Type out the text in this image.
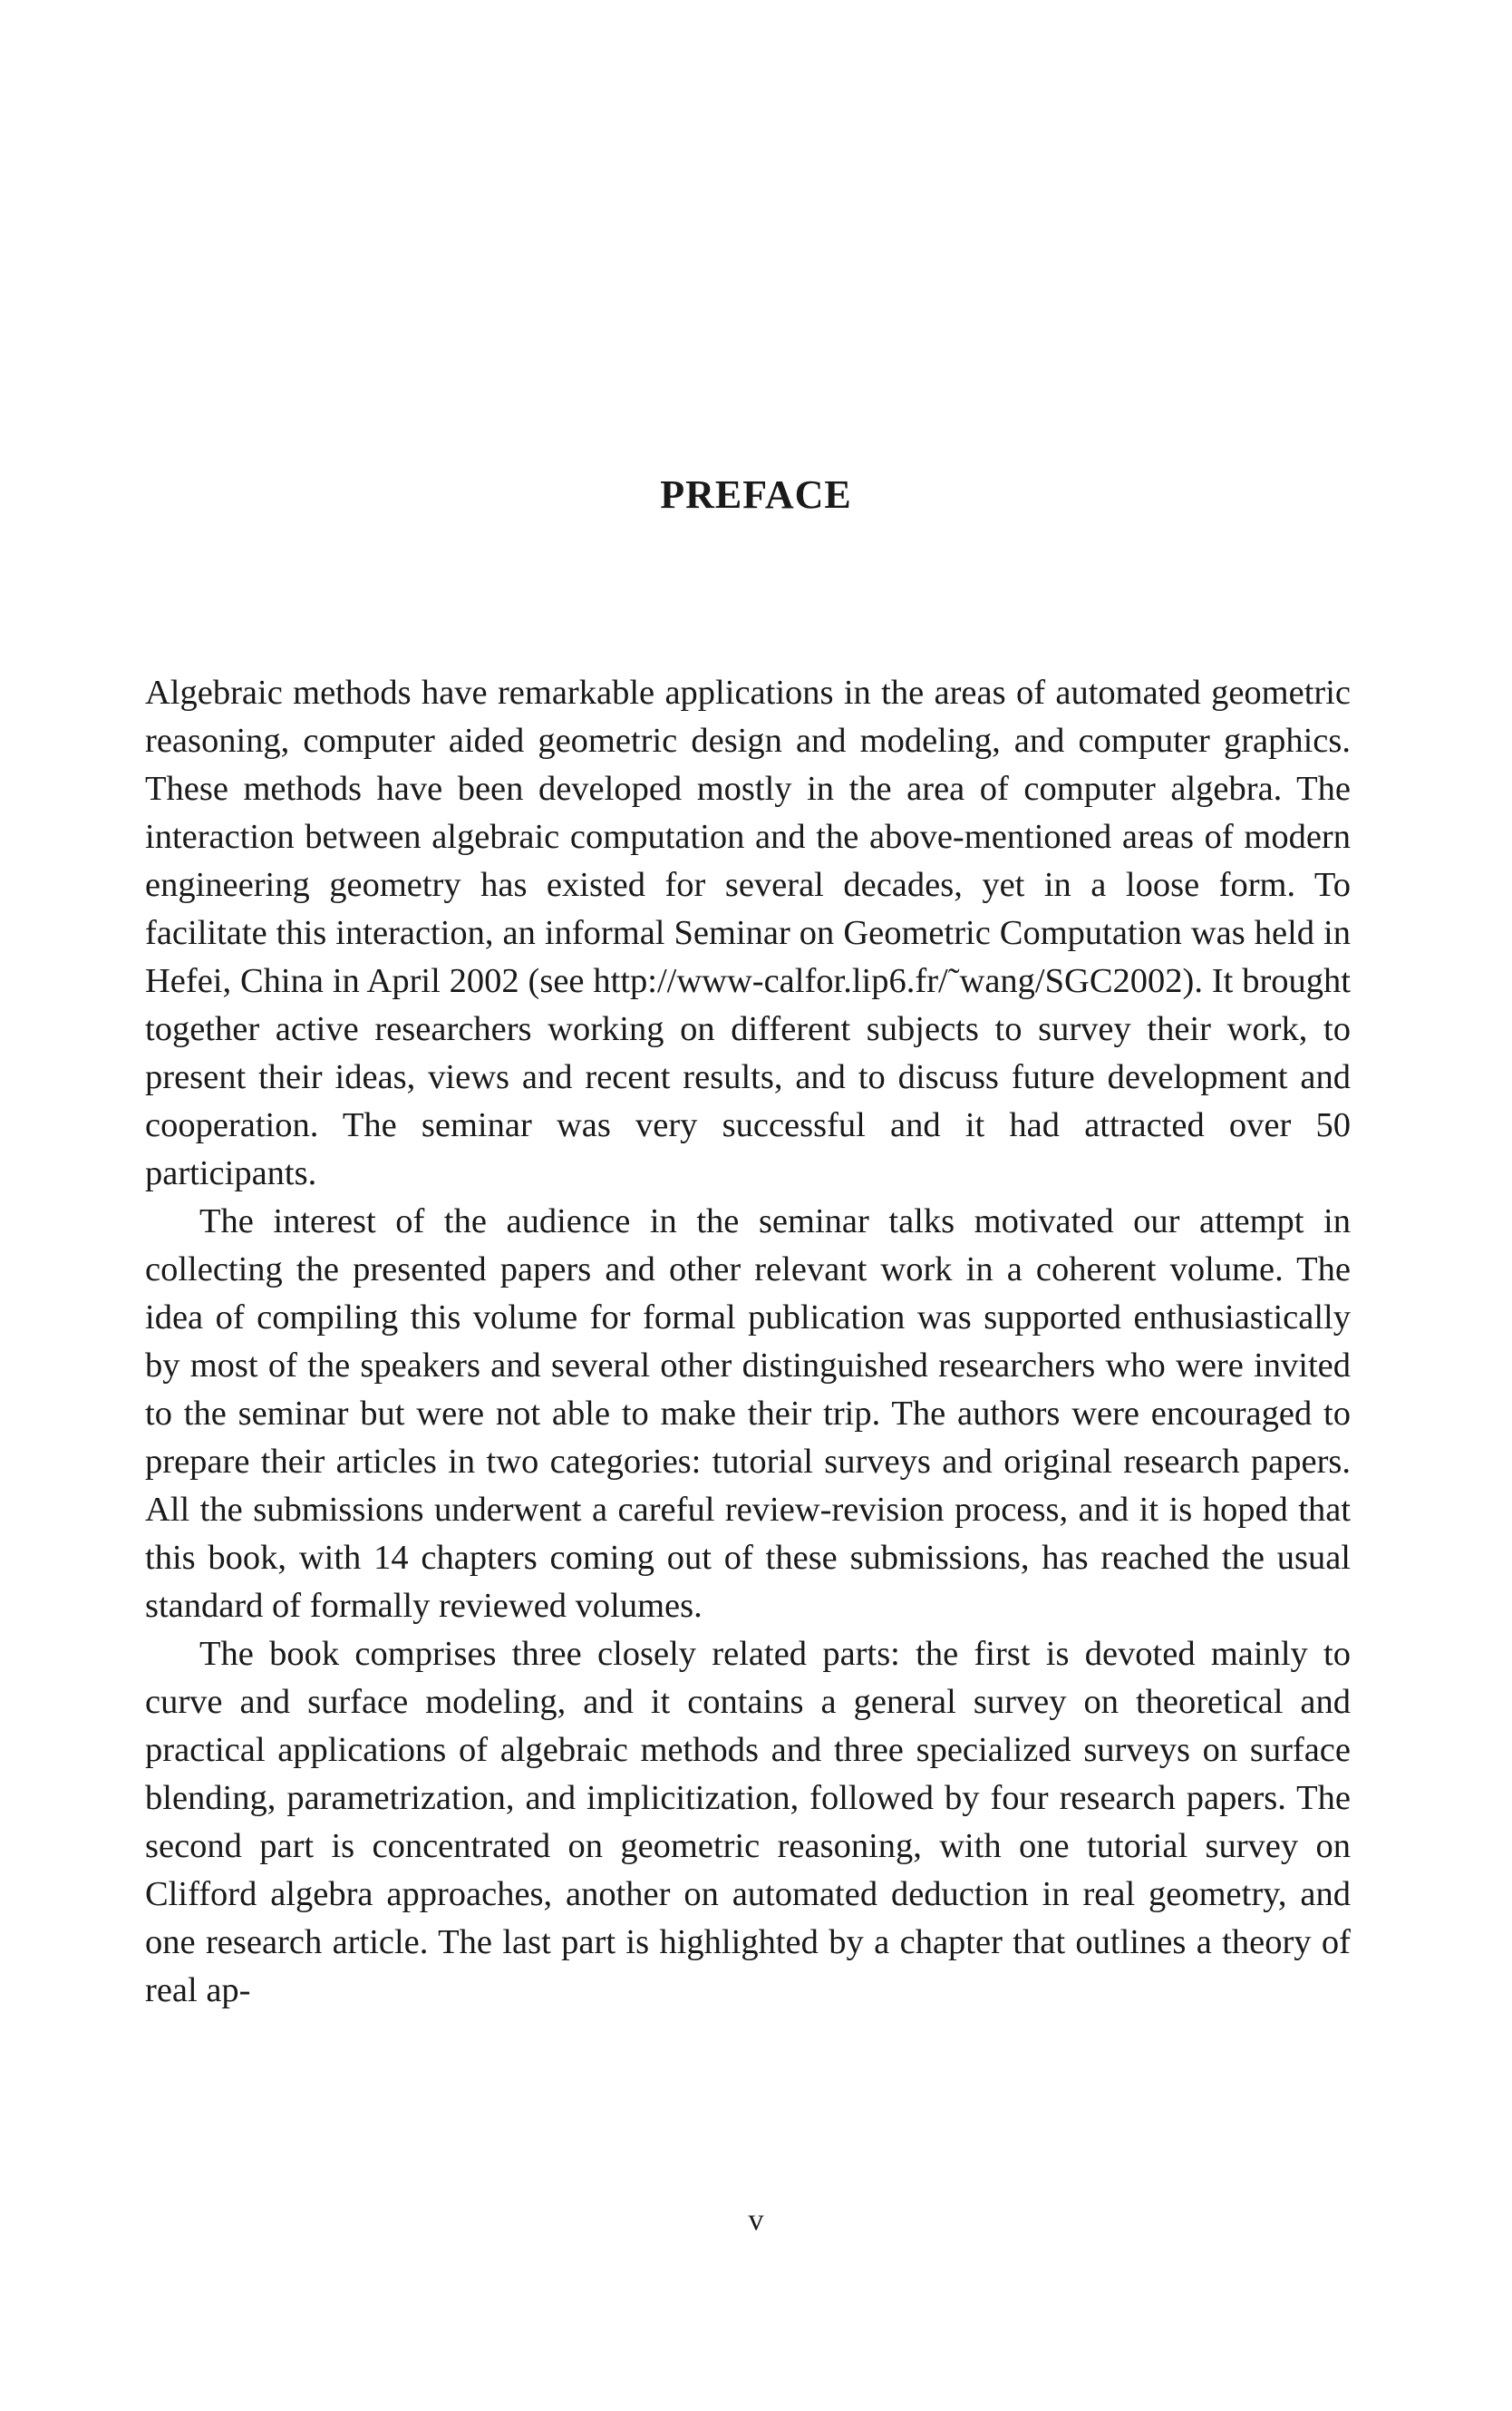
PREFACE

Algebraic methods have remarkable applications in the areas of automated geometric reasoning, computer aided geometric design and modeling, and computer graphics. These methods have been developed mostly in the area of computer algebra. The interaction between algebraic computation and the above-mentioned areas of modern engineering geometry has existed for several decades, yet in a loose form. To facilitate this interaction, an informal Seminar on Geometric Computation was held in Hefei, China in April 2002 (see http://www-calfor.lip6.fr/˜wang/SGC2002). It brought together active researchers working on different subjects to survey their work, to present their ideas, views and recent results, and to discuss future development and cooperation. The seminar was very successful and it had attracted over 50 participants.

The interest of the audience in the seminar talks motivated our attempt in collecting the presented papers and other relevant work in a coherent volume. The idea of compiling this volume for formal publication was supported enthusiastically by most of the speakers and several other distinguished researchers who were invited to the seminar but were not able to make their trip. The authors were encouraged to prepare their articles in two categories: tutorial surveys and original research papers. All the submissions underwent a careful review-revision process, and it is hoped that this book, with 14 chapters coming out of these submissions, has reached the usual standard of formally reviewed volumes.

The book comprises three closely related parts: the first is devoted mainly to curve and surface modeling, and it contains a general survey on theoretical and practical applications of algebraic methods and three specialized surveys on surface blending, parametrization, and implicitization, followed by four research papers. The second part is concentrated on geometric reasoning, with one tutorial survey on Clifford algebra approaches, another on automated deduction in real geometry, and one research article. The last part is highlighted by a chapter that outlines a theory of real ap-

v
